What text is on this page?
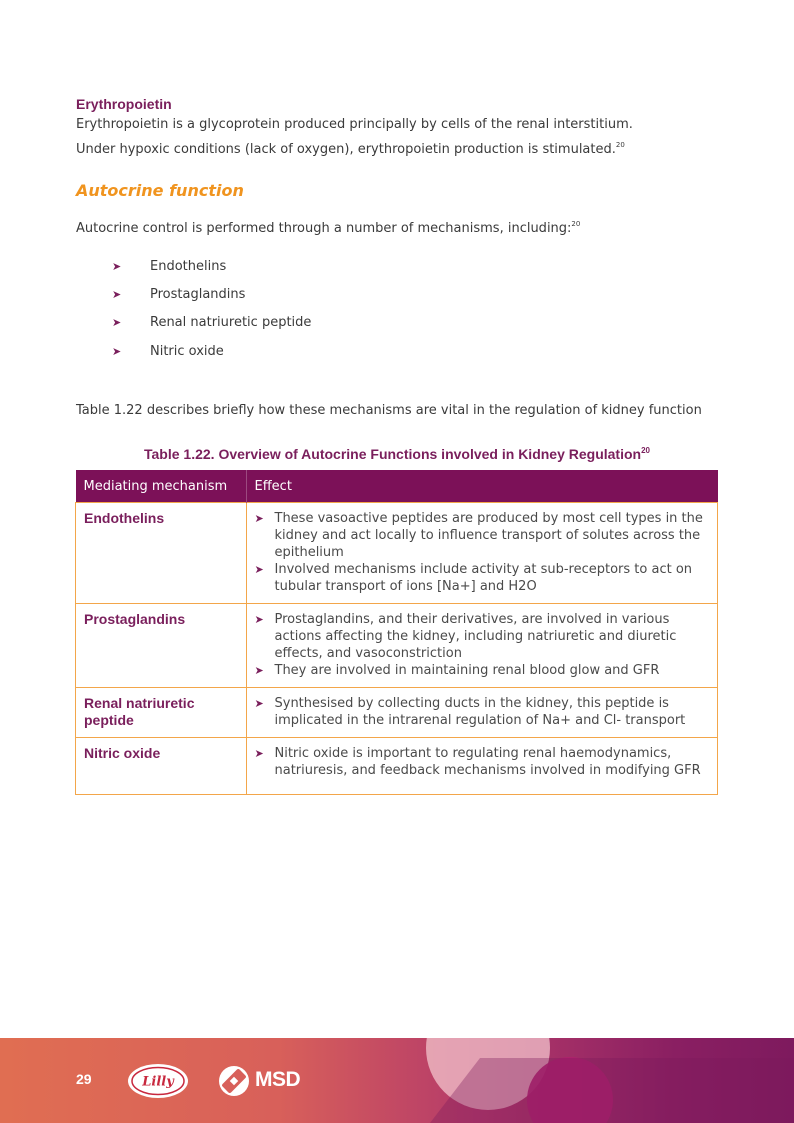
Erythropoietin
Erythropoietin is a glycoprotein produced principally by cells of the renal interstitium.
Under hypoxic conditions (lack of oxygen), erythropoietin production is stimulated.$^{20}$
Autocrine function
Autocrine control is performed through a number of mechanisms, including:$^{20}$
➤	Endothelins
➤	Prostaglandins
➤	Renal natriuretic peptide
➤	Nitric oxide
Table 1.22 describes briefly how these mechanisms are vital in the regulation of kidney function
Table 1.22. Overview of Autocrine Functions involved in Kidney Regulation$^{20}$
Mediating mechanism	Effect
Endothelins	➤ These vasoactive peptides are produced by most cell types in the kidney and act locally to influence transport of solutes across the epithelium
➤ Involved mechanisms include activity at sub-receptors to act on tubular transport of ions [Na+] and H2O

Prostaglandins	➤ Prostaglandins, and their derivatives, are involved in various actions affecting the kidney, including natriuretic and diuretic effects, and vasoconstriction
➤ They are involved in maintaining renal blood glow and GFR

Renal natriuretic peptide	➤ Synthesised by collecting ducts in the kidney, this peptide is implicated in the intrarenal regulation of Na+ and Cl- transport

Nitric oxide	➤ Nitric oxide is important to regulating renal haemodynamics, natriuresis, and feedback mechanisms involved in modifying GFR
29	Lilly	MSD
